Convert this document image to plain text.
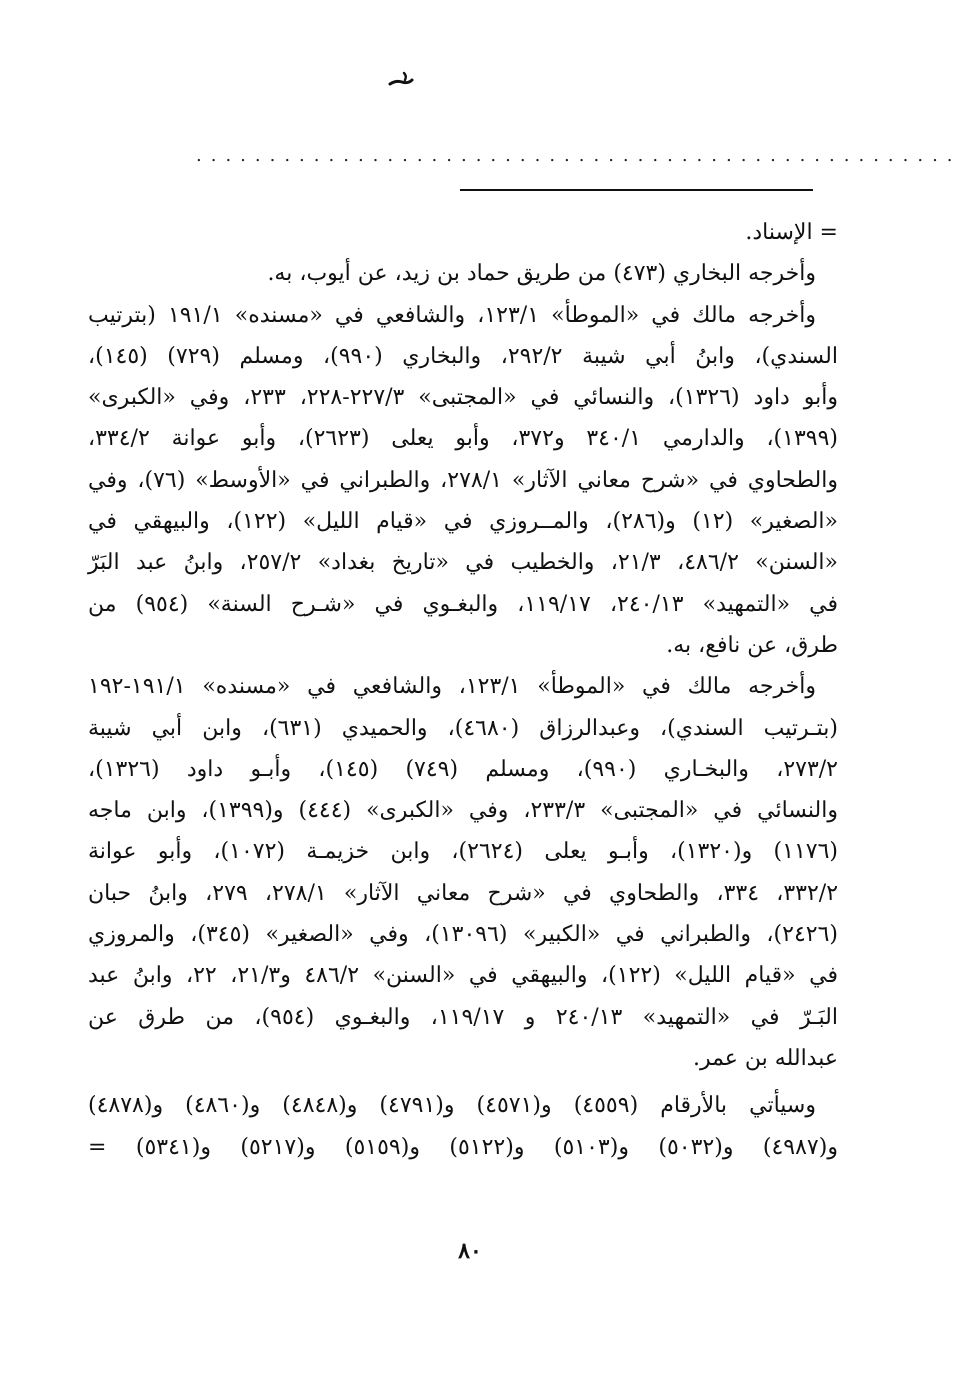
....................................................
= الإسناد.
وأخرجه البخاري (٤٧٣) من طريق حماد بن زيد، عن أيوب، به.
وأخرجه مالك في «الموطأ» ١٢٣/١، والشافعي في «مسنده» ١٩١/١ (بترتيب
السندي)، وابنُ أبي شيبة ٢٩٢/٢، والبخاري (٩٩٠)، ومسلم (٧٢٩) (١٤٥)،
وأبو داود (١٣٢٦)، والنسائي في «المجتبى» ٢٢٧/٣-٢٢٨، ٢٣٣، وفي «الكبرى»
(١٣٩٩)، والدارمي ٣٤٠/١ و٣٧٢، وأبو يعلى (٢٦٢٣)، وأبو عوانة ٣٣٤/٢،
والطحاوي في «شرح معاني الآثار» ٢٧٨/١، والطبراني في «الأوسط» (٧٦)، وفي
«الصغير» (١٢) و(٢٨٦)، والمــروزي في «قيام الليل» (١٢٢)، والبيهقي في
«السنن» ٤٨٦/٢، ٢١/٣، والخطيب في «تاريخ بغداد» ٢٥٧/٢، وابنُ عبد البَرّ
في «التمهيد» ٢٤٠/١٣، ١١٩/١٧، والبغـوي في «شـرح السنة» (٩٥٤) من
طرق، عن نافع، به.
وأخرجه مالك في «الموطأ» ١٢٣/١، والشافعي في «مسنده» ١٩١/١-١٩٢
(بتـرتيب السندي)، وعبدالرزاق (٤٦٨٠)، والحميدي (٦٣١)، وابن أبي شيبة
٢٧٣/٢، والبخـاري (٩٩٠)، ومسلم (٧٤٩) (١٤٥)، وأبـو داود (١٣٢٦)،
والنسائي في «المجتبى» ٢٣٣/٣، وفي «الكبرى» (٤٤٤) و(١٣٩٩)، وابن ماجه
(١١٧٦) و(١٣٢٠)، وأبـو يعلى (٢٦٢٤)، وابن خزيمـة (١٠٧٢)، وأبو عوانة
٣٣٢/٢، ٣٣٤، والطحاوي في «شرح معاني الآثار» ٢٧٨/١، ٢٧٩، وابنُ حبان
(٢٤٢٦)، والطبراني في «الكبير» (١٣٠٩٦)، وفي «الصغير» (٣٤٥)، والمروزي
في «قيام الليل» (١٢٢)، والبيهقي في «السنن» ٤٨٦/٢ و٢١/٣، ٢٢، وابنُ عبد
البَـرّ في «التمهيد» ٢٤٠/١٣ و ١١٩/١٧، والبغـوي (٩٥٤)، من طرق عن
عبدالله بن عمر.
وسيأتي بالأرقام (٤٥٥٩) و(٤٥٧١) و(٤٧٩١) و(٤٨٤٨) و(٤٨٦٠) و(٤٨٧٨)
و(٤٩٨٧) و(٥٠٣٢) و(٥١٠٣) و(٥١٢٢) و(٥١٥٩) و(٥٢١٧) و(٥٣٤١) =
٨٠
